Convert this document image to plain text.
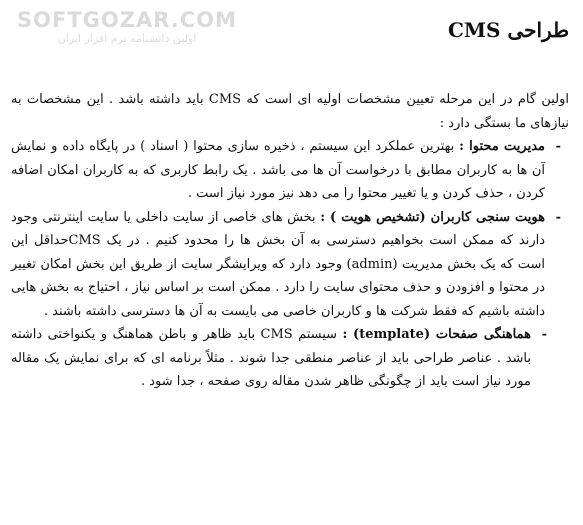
SOFTGOZAR.COM
اولین دانشنامه نرم افزار ایران	طراحی CMS

اولین گام در این مرحله تعیین مشخصات اولیه ای است که CMS باید داشته باشد . این مشخصات به نیازهای ما بستگی دارد :

-
مدیریت محتوا : بهترین عملکرد این سیستم ، ذخیره سازی محتوا ( اسناد ) در پایگاه داده و نمایش آن ها به کاربران مطابق با درخواست آن ها می باشد . یک رابط کاربری که به کاربران امکان اضافه کردن ، حذف کردن و یا تغییر محتوا را می دهد نیز مورد نیاز است .
-
هویت سنجی کاربران (تشخیص هویت ) : بخش های خاصی از سایت داخلی یا سایت اینترنتی وجود دارند که ممکن است بخواهیم دسترسی به آن بخش ها را محدود کنیم . در یک CMSحداقل این است که یک بخش مدیریت (admin) وجود دارد که ویرایشگر سایت از طریق این بخش امکان تغییر در محتوا و افزودن و حذف محتوای سایت را دارد . ممکن است بر اساس نیاز ، احتیاج به بخش هایی داشته باشیم که فقط شرکت ها و کاربران خاصی می بایست به آن ها دسترسی داشته باشند .
-
هماهنگی صفحات (template) : سیستم CMS باید ظاهر و باطن هماهنگ و یکنواختی داشته باشد . عناصر طراحی باید از عناصر منطقی جدا شوند . مثلاً برنامه ای که برای نمایش یک مقاله مورد نیاز است باید از چگونگی ظاهر شدن مقاله روی صفحه ، جدا شود .
